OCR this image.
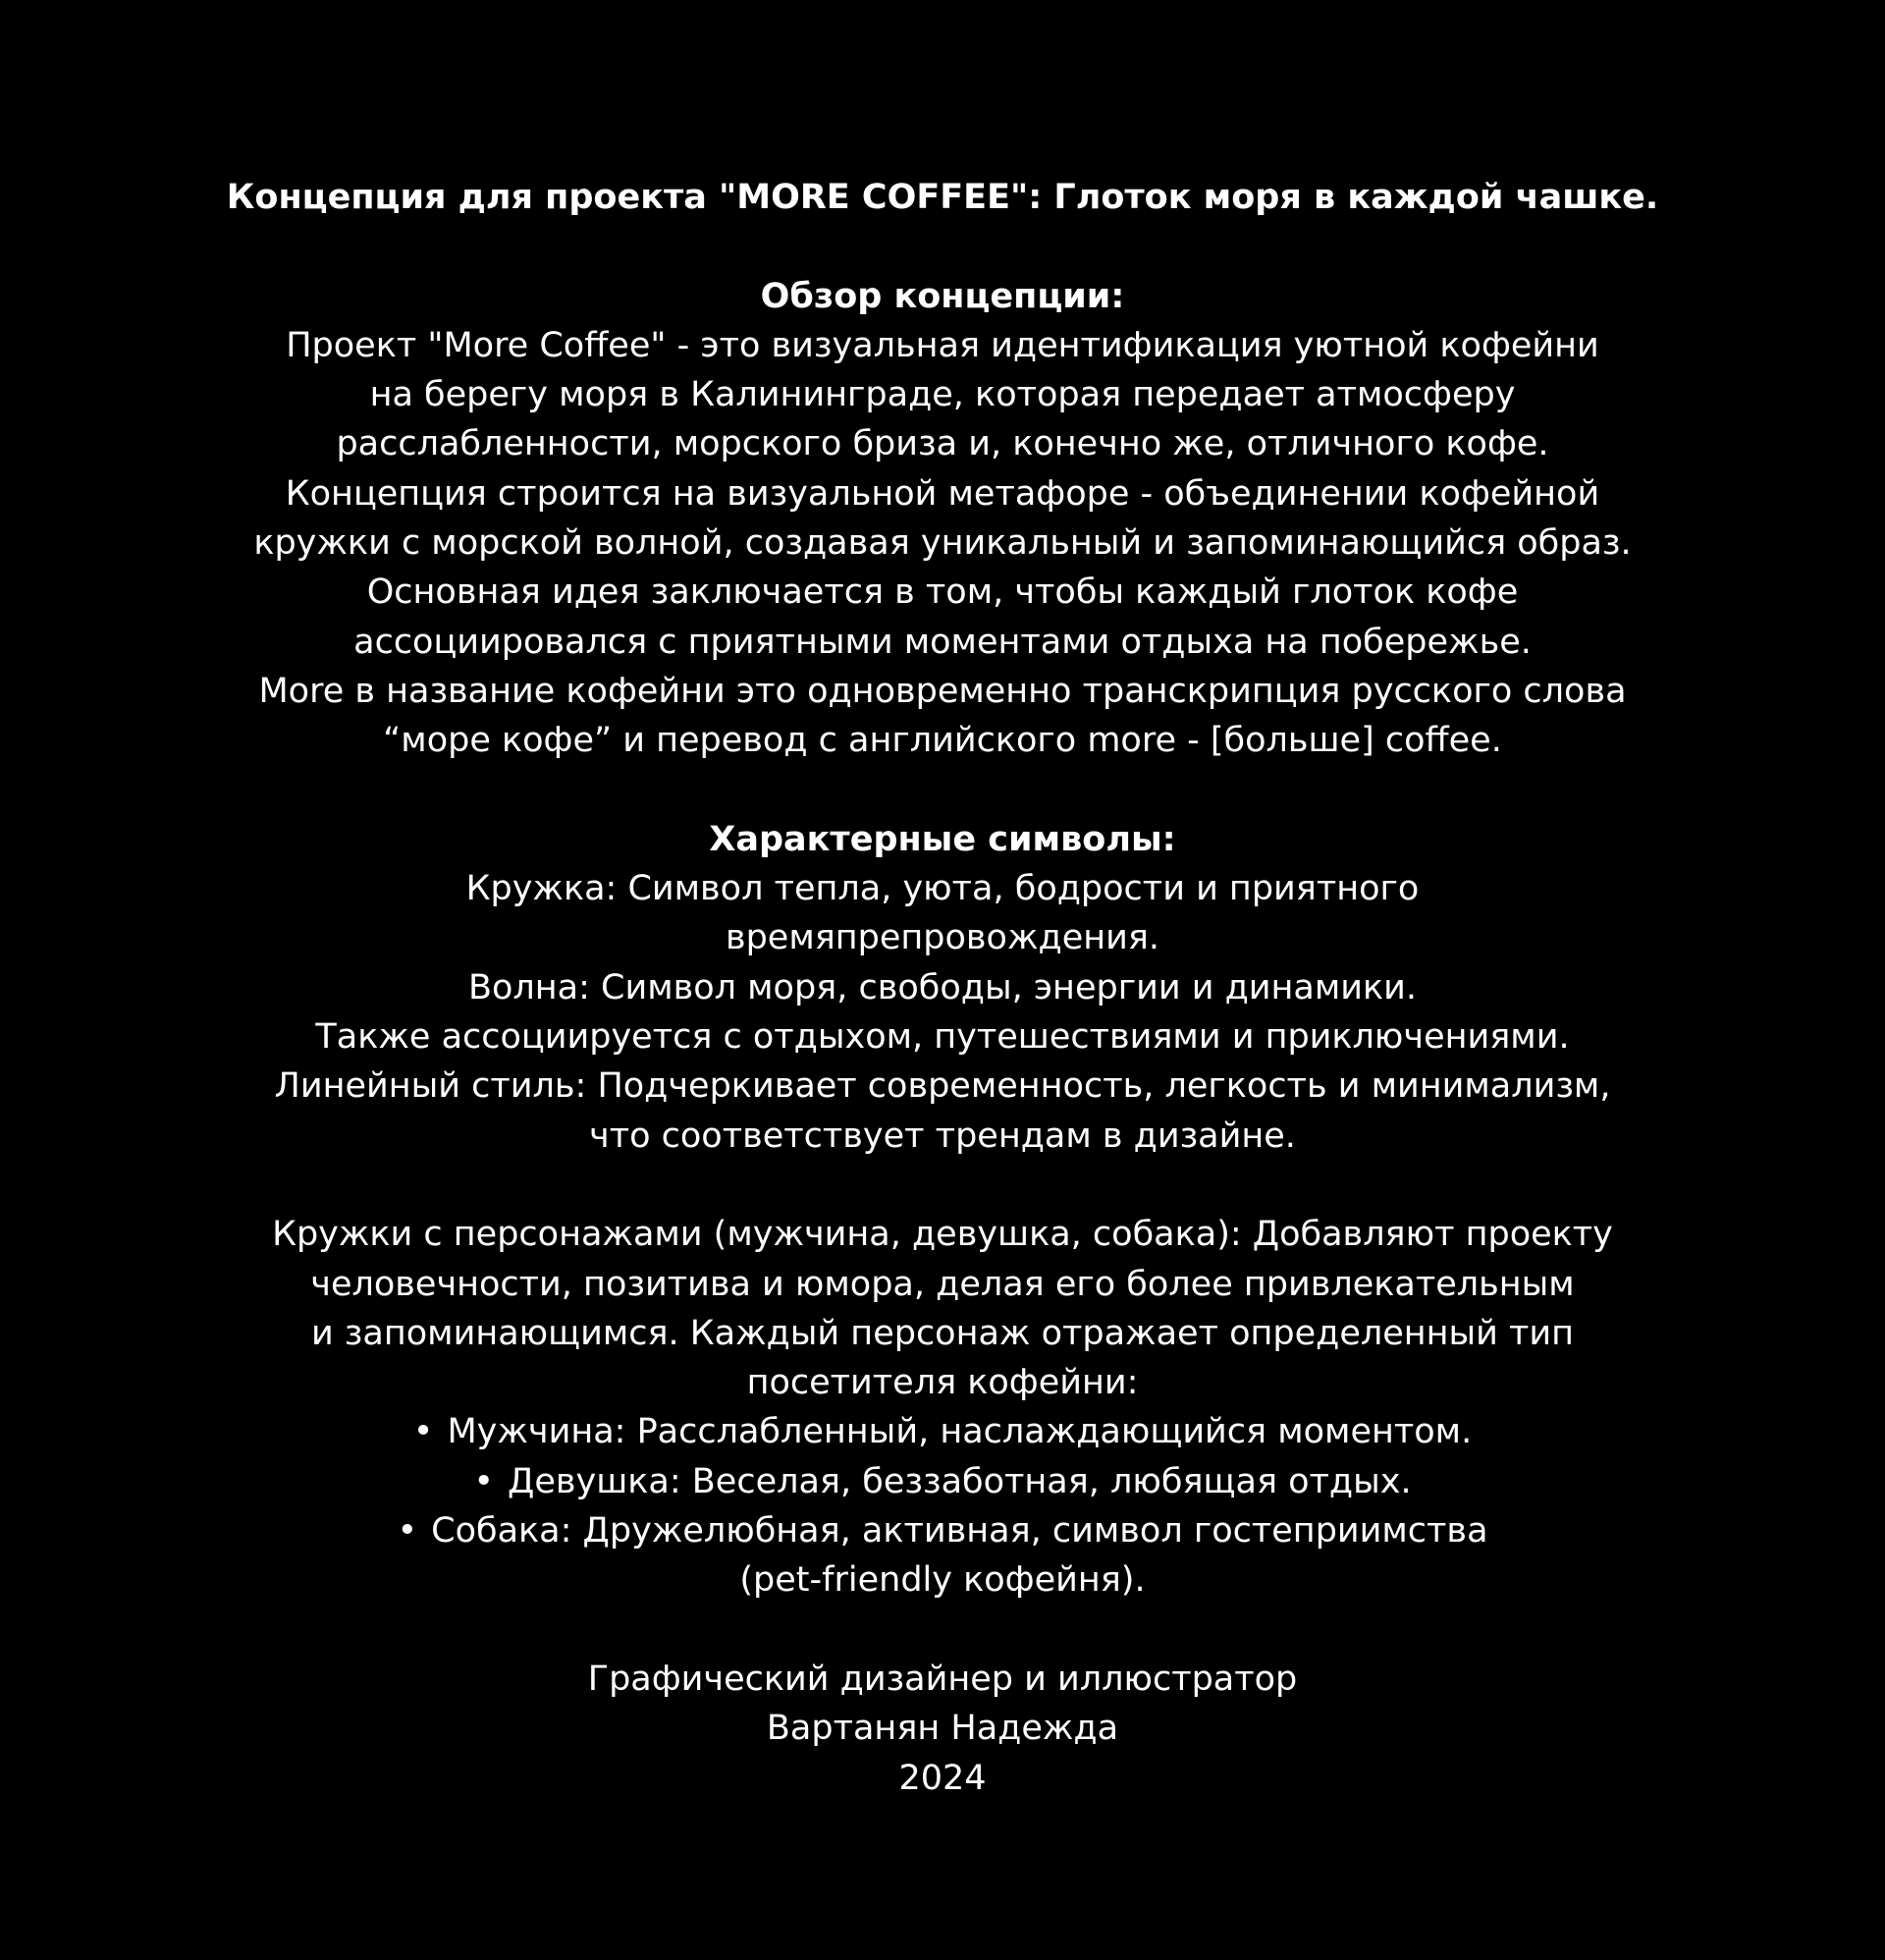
Концепция для проекта "MORE COFFEE": Глоток моря в каждой чашке.
Обзор концепции:
Проект "More Coffee" - это визуальная идентификация уютной кофейни
на берегу моря в Калининграде, которая передает атмосферу
расслабленности, морского бриза и, конечно же, отличного кофе.
Концепция строится на визуальной метафоре - объединении кофейной
кружки с морской волной, создавая уникальный и запоминающийся образ.
Основная идея заключается в том, чтобы каждый глоток кофе
ассоциировался с приятными моментами отдыха на побережье.
More в название кофейни это одновременно транскрипция русского слова
“море кофе” и перевод с английского more - [больше] coffee.
Характерные символы:
Кружка: Символ тепла, уюта, бодрости и приятного
времяпрепровождения.
Волна: Символ моря, свободы, энергии и динамики.
Также ассоциируется с отдыхом, путешествиями и приключениями.
Линейный стиль: Подчеркивает современность, легкость и минимализм,
что соответствует трендам в дизайне.
Кружки с персонажами (мужчина, девушка, собака): Добавляют проекту
человечности, позитива и юмора, делая его более привлекательным
и запоминающимся. Каждый персонаж отражает определенный тип
посетителя кофейни:
• Мужчина: Расслабленный, наслаждающийся моментом.
• Девушка: Веселая, беззаботная, любящая отдых.
• Собака: Дружелюбная, активная, символ гостеприимства
(pet-friendly кофейня).
Графический дизайнер и иллюстратор
Вартанян Надежда
2024
